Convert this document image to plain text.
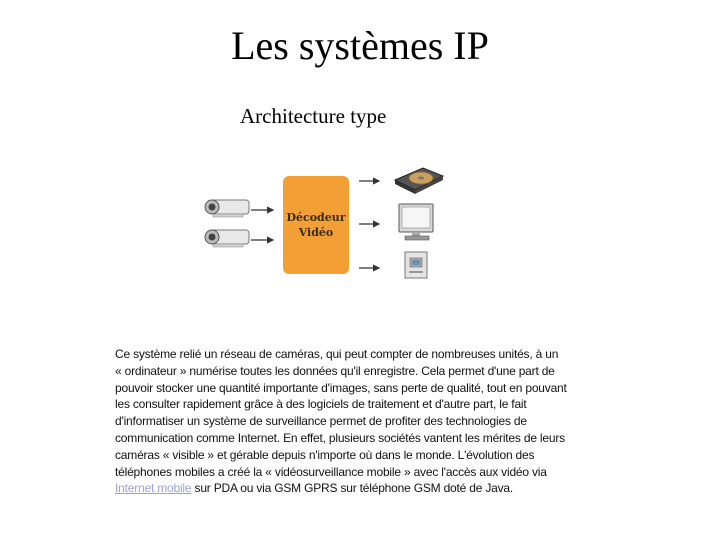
Les systèmes IP
Architecture type
Décodeur
Vidéo
Ce système relié un réseau de caméras, qui peut compter de nombreuses unités, à un « ordinateur » numérise toutes les données qu'il enregistre. Cela permet d'une part de pouvoir stocker une quantité importante d'images, sans perte de qualité, tout en pouvant les consulter rapidement grâce à des logiciels de traitement et d'autre part, le fait d'informatiser un système de surveillance permet de profiter des technologies de communication comme Internet. En effet, plusieurs sociétés vantent les mérites de leurs caméras « visible » et gérable depuis n'importe où dans le monde. L'évolution des téléphones mobiles a créé la « vidéosurveillance mobile » avec l'accès aux vidéo via Internet mobile sur PDA ou via GSM GPRS sur téléphone GSM doté de Java.
